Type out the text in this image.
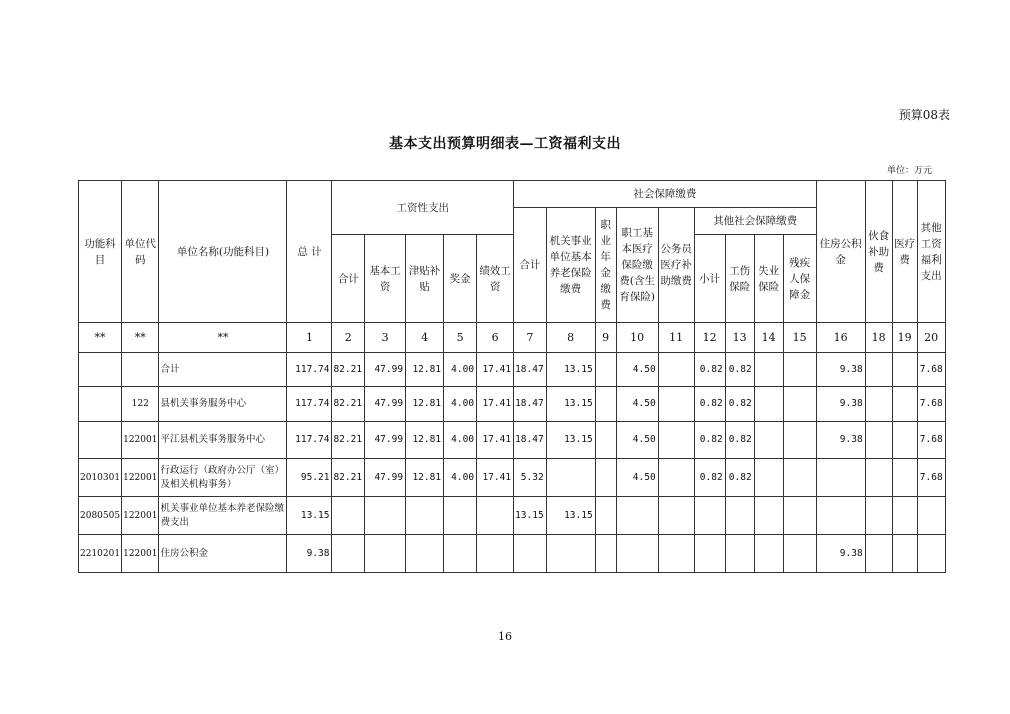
预算08表
基本支出预算明细表—工资福利支出
单位：万元
功能科目	单位代码	单位名称(功能科目)	总 计	工资性支出					社会保障缴费									住房公积金	伙食补助费	医疗费	其他工资福利支出
									合计	机关事业单位基本养老保险缴费	职业年金缴费	职工基本医疗保险缴费(含生育保险)	公务员医疗补助缴费	其他社会保障缴费							
				合计	基本工资	津贴补贴	奖金	绩效工资						小计	工伤保险	失业保险	残疾人保障金				
**	**	**	1	2	3	4	5	6	7	8	9	10	11	12	13	14	15	16	18	19	20
		合计	117.74	82.21	47.99	12.81	4.00	17.41	18.47	13.15		4.50		0.82	0.82			9.38			7.68
	122	县机关事务服务中心	117.74	82.21	47.99	12.81	4.00	17.41	18.47	13.15		4.50		0.82	0.82			9.38			7.68
	122001	平江县机关事务服务中心	117.74	82.21	47.99	12.81	4.00	17.41	18.47	13.15		4.50		0.82	0.82			9.38			7.68
2010301	122001	行政运行（政府办公厅（室）及相关机构事务）	95.21	82.21	47.99	12.81	4.00	17.41	5.32			4.50		0.82	0.82						7.68
2080505	122001	机关事业单位基本养老保险缴费支出	13.15						13.15	13.15											
2210201	122001	住房公积金	9.38															9.38			
16
